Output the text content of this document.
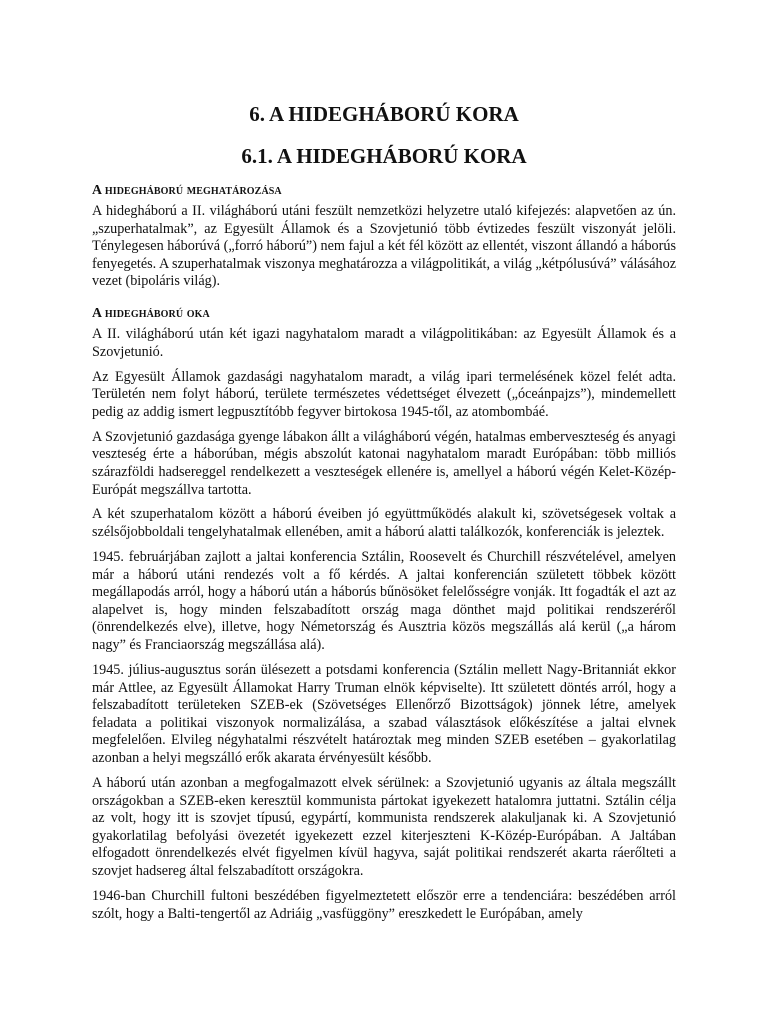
6. A HIDEGHÁBORÚ KORA
6.1. A HIDEGHÁBORÚ KORA
A hidegháború meghatározása

A hidegháború a II. világháború utáni feszült nemzetközi helyzetre utaló kifejezés: alapvetően az ún. „szuperhatalmak”, az Egyesült Államok és a Szovjetunió több évtizedes feszült viszonyát jelöli. Ténylegesen háborúvá („forró háború”) nem fajul a két fél között az ellentét, viszont állandó a háborús fenyegetés. A szuperhatalmak viszonya meghatározza a világpolitikát, a világ „kétpólusúvá” válásához vezet (bipoláris világ).

A hidegháború oka

A II. világháború után két igazi nagyhatalom maradt a világpolitikában: az Egyesült Államok és a Szovjetunió.

Az Egyesült Államok gazdasági nagyhatalom maradt, a világ ipari termelésének közel felét adta. Területén nem folyt háború, területe természetes védettséget élvezett („óceánpajzs”), mindemellett pedig az addig ismert legpusztítóbb fegyver birtokosa 1945-től, az atombombáé.

A Szovjetunió gazdasága gyenge lábakon állt a világháború végén, hatalmas emberveszteség és anyagi veszteség érte a háborúban, mégis abszolút katonai nagyhatalom maradt Európában: több milliós szárazföldi hadsereggel rendelkezett a veszteségek ellenére is, amellyel a háború végén Kelet-Közép-Európát megszállva tartotta.

A két szuperhatalom között a háború éveiben jó együttműködés alakult ki, szövetségesek voltak a szélsőjobboldali tengelyhatalmak ellenében, amit a háború alatti találkozók, konferenciák is jeleztek.

1945. februárjában zajlott a jaltai konferencia Sztálin, Roosevelt és Churchill részvételével, amelyen már a háború utáni rendezés volt a fő kérdés. A jaltai konferencián született többek között megállapodás arról, hogy a háború után a háborús bűnösöket felelősségre vonják. Itt fogadták el azt az alapelvet is, hogy minden felszabadított ország maga dönthet majd politikai rendszeréről (önrendelkezés elve), illetve, hogy Németország és Ausztria közös megszállás alá kerül („a három nagy” és Franciaország megszállása alá).

1945. július-augusztus során ülésezett a potsdami konferencia (Sztálin mellett Nagy-Britanniát ekkor már Attlee, az Egyesült Államokat Harry Truman elnök képviselte). Itt született döntés arról, hogy a felszabadított területeken SZEB-ek (Szövetséges Ellenőrző Bizottságok) jönnek létre, amelyek feladata a politikai viszonyok normalizálása, a szabad választások előkészítése a jaltai elvnek megfelelően. Elvileg négyhatalmi részvételt határoztak meg minden SZEB esetében – gyakorlatilag azonban a helyi megszálló erők akarata érvényesült később.

A háború után azonban a megfogalmazott elvek sérülnek: a Szovjetunió ugyanis az általa megszállt országokban a SZEB-eken keresztül kommunista pártokat igyekezett hatalomra juttatni. Sztálin célja az volt, hogy itt is szovjet típusú, egypártí, kommunista rendszerek alakuljanak ki. A Szovjetunió gyakorlatilag befolyási övezetét igyekezett ezzel kiterjeszteni K-Közép-Európában. A Jaltában elfogadott önrendelkezés elvét figyelmen kívül hagyva, saját politikai rendszerét akarta ráerőlteti a szovjet hadsereg által felszabadított országokra.

1946-ban Churchill fultoni beszédében figyelmeztetett először erre a tendenciára: beszédében arról szólt, hogy a Balti-tengertől az Adriáig „vasfüggöny” ereszkedett le Európában, amely
